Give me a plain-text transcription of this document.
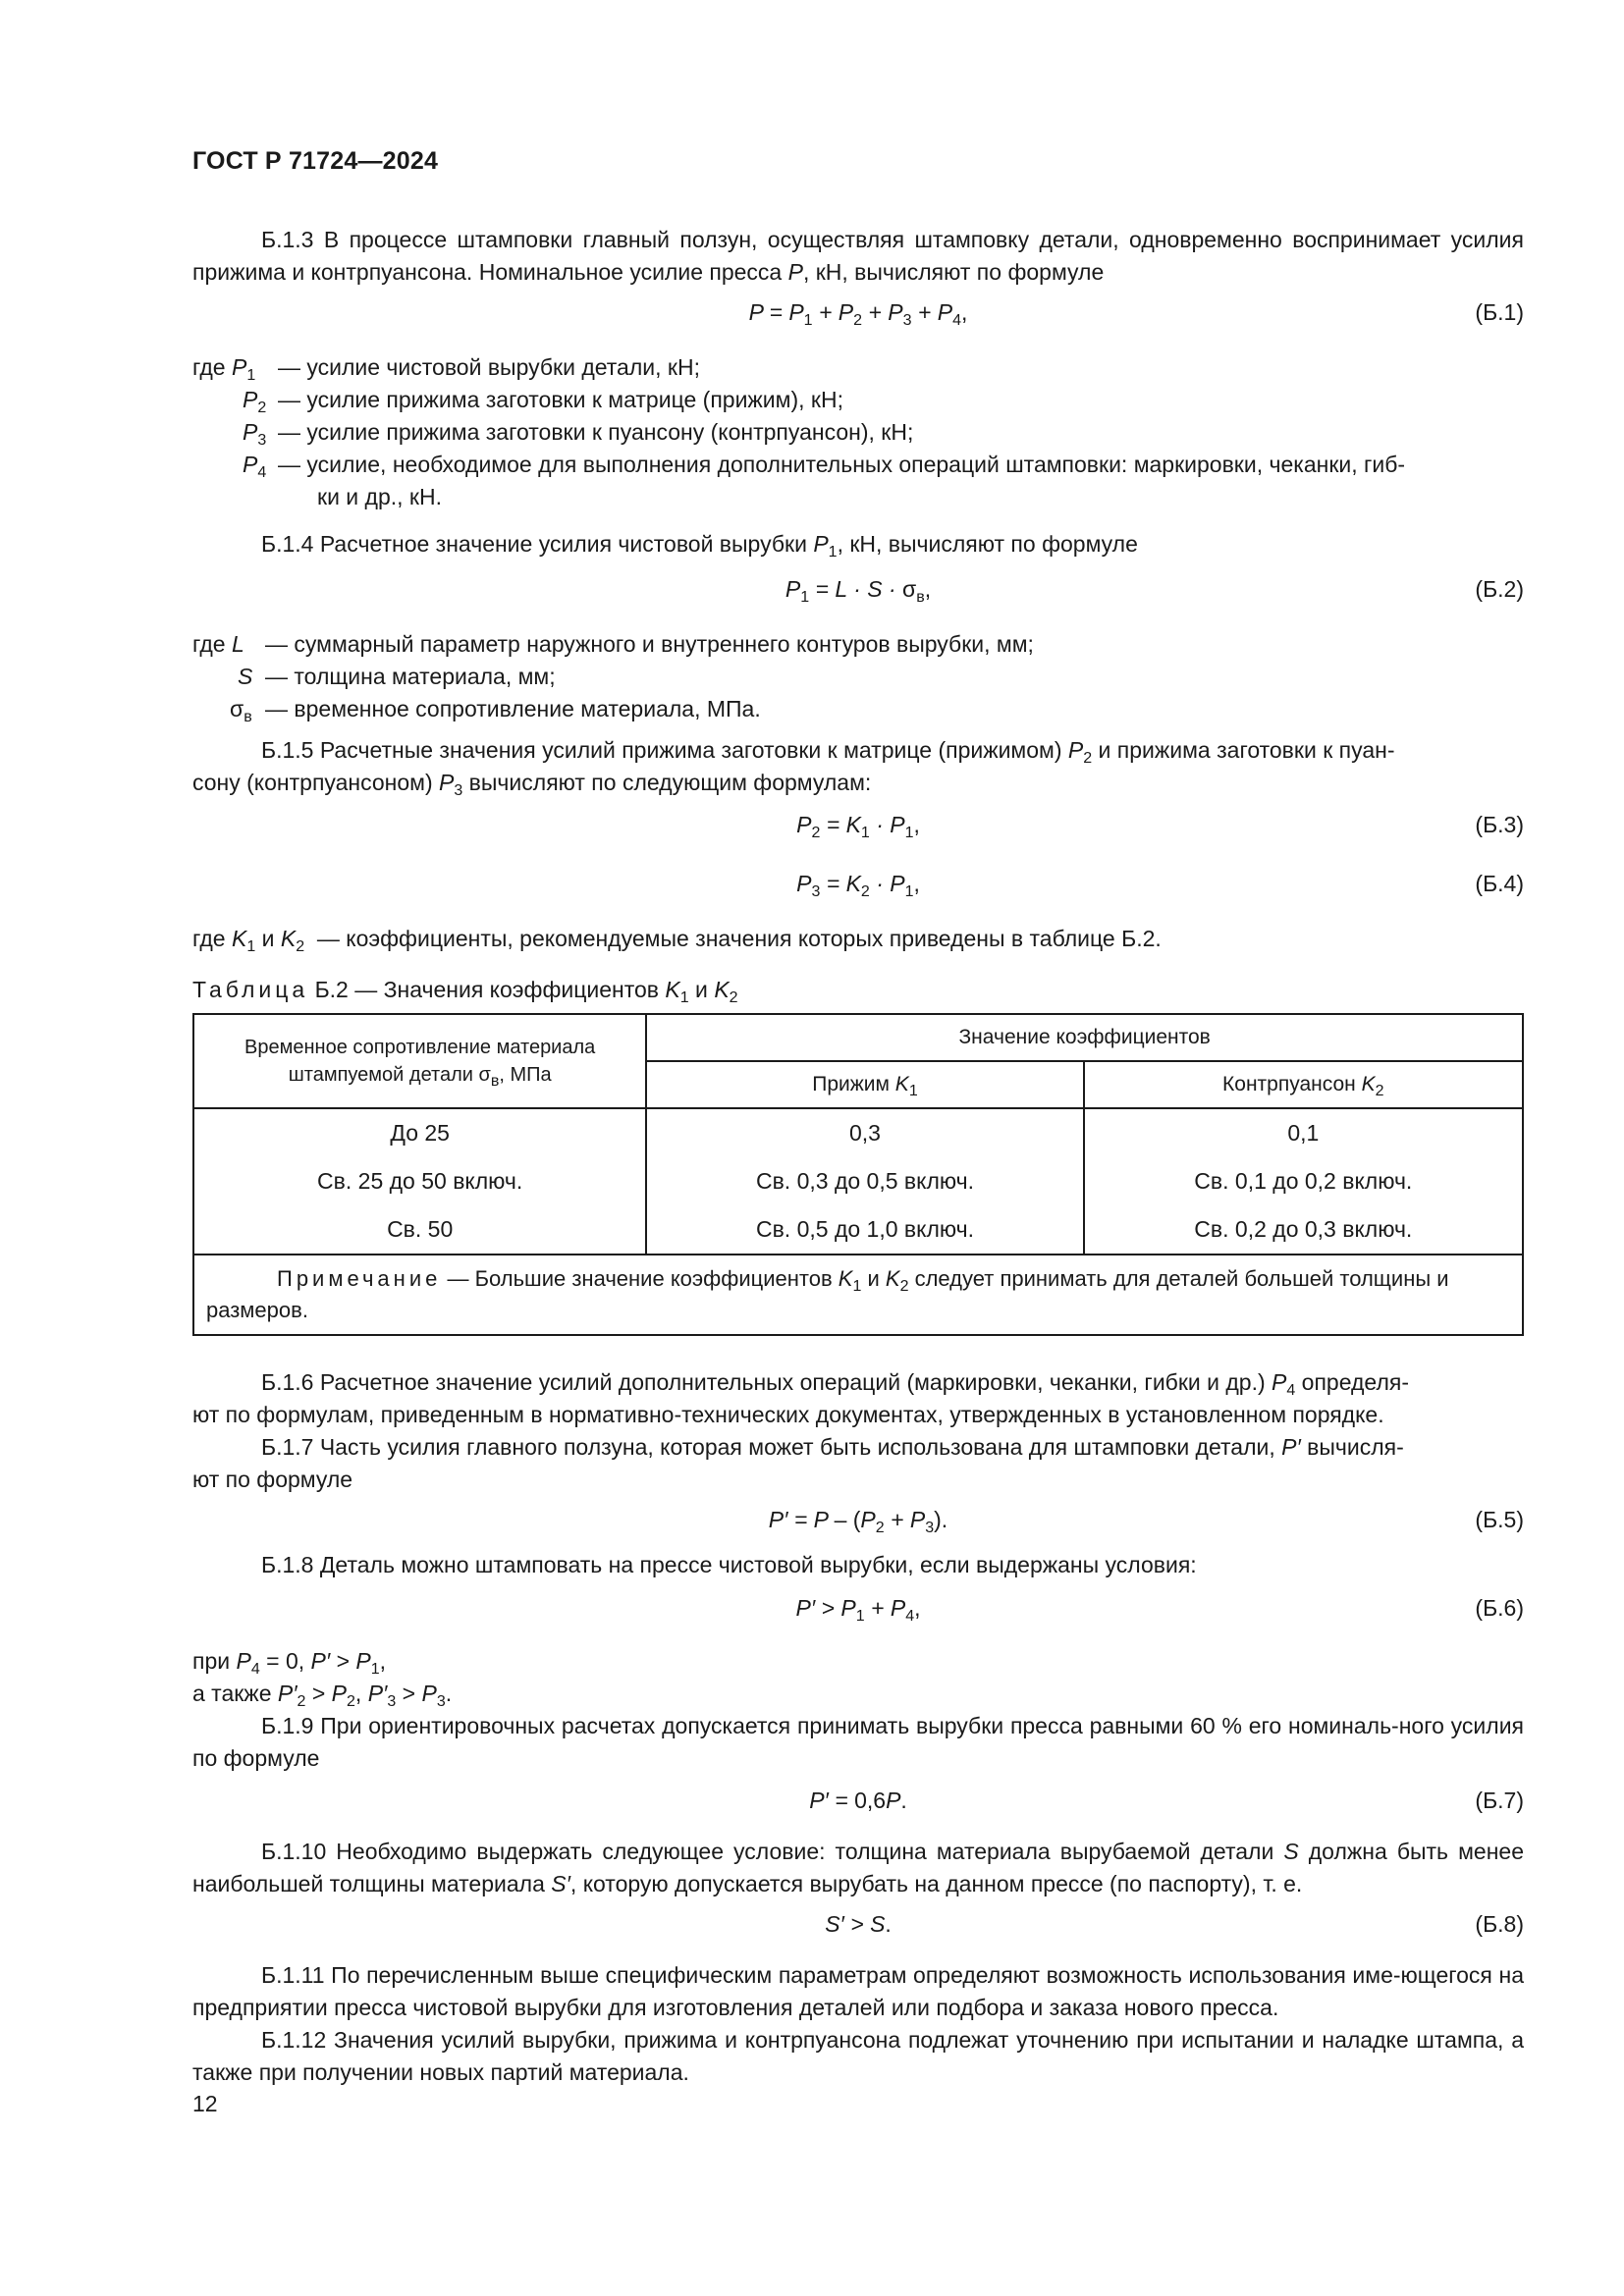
ГОСТ Р 71724—2024
Б.1.3 В процессе штамповки главный ползун, осуществляя штамповку детали, одновременно воспринимает усилия прижима и контрпуансона. Номинальное усилие пресса P, кН, вычисляют по формуле
$P = P_1 + P_2 + P_3 + P_4$,	(Б.1)
где $P_1$ — усилие чистовой вырубки детали, кН;
$P_2$ — усилие прижима заготовки к матрице (прижим), кН;
$P_3$ — усилие прижима заготовки к пуансону (контрпуансон), кН;
$P_4$ — усилие, необходимое для выполнения дополнительных операций штамповки: маркировки, чеканки, гиб-
ки и др., кН.
Б.1.4 Расчетное значение усилия чистовой вырубки $P_1$, кН, вычисляют по формуле
$P_1 = L \cdot S \cdot \sigma_в$,	(Б.2)
где L — суммарный параметр наружного и внутреннего контуров вырубки, мм;
S — толщина материала, мм;
$\sigma_в$ — временное сопротивление материала, МПа.
Б.1.5 Расчетные значения усилий прижима заготовки к матрице (прижимом) $P_2$ и прижима заготовки к пуан-
сону (контрпуансоном) $P_3$ вычисляют по следующим формулам:
$P_2 = K_1 \cdot P_1$,	(Б.3)
$P_3 = K_2 \cdot P_1$,	(Б.4)
где $K_1$ и $K_2$ — коэффициенты, рекомендуемые значения которых приведены в таблице Б.2.
Таблица Б.2 — Значения коэффициентов $K_1$ и $K_2$
Временное сопротивление материала
штампуемой детали $\sigma_в$, МПа	Значение коэффициентов	
	Прижим $K_1$	Контрпуансон $K_2$
До 25	0,3	0,1
Св. 25 до 50 включ.	Св. 0,3 до 0,5 включ.	Св. 0,1 до 0,2 включ.
Св. 50	Св. 0,5 до 1,0 включ.	Св. 0,2 до 0,3 включ.
Примечание — Большие значение коэффициентов $K_1$ и $K_2$ следует принимать для деталей большей толщины и размеров.		
Б.1.6 Расчетное значение усилий дополнительных операций (маркировки, чеканки, гибки и др.) $P_4$ определя-
ют по формулам, приведенным в нормативно-технических документах, утвержденных в установленном порядке.
Б.1.7 Часть усилия главного ползуна, которая может быть использована для штамповки детали, P′ вычисля-
ют по формуле
$P' = P - (P_2 + P_3)$.	(Б.5)
Б.1.8 Деталь можно штамповать на прессе чистовой вырубки, если выдержаны условия:
$P' > P_1 + P_4$,	(Б.6)
при $P_4 = 0$, $P' > P_1$,
а также $P'_2 > P_2$, $P'_3 > P_3$.
Б.1.9 При ориентировочных расчетах допускается принимать вырубки пресса равными 60 % его номиналь-ного усилия по формуле
P′ = 0,6P.	(Б.7)
Б.1.10 Необходимо выдержать следующее условие: толщина материала вырубаемой детали S должна быть менее наибольшей толщины материала S′, которую допускается вырубать на данном прессе (по паспорту), т. е.
S′ > S.	(Б.8)
Б.1.11 По перечисленным выше специфическим параметрам определяют возможность использования име-ющегося на предприятии пресса чистовой вырубки для изготовления деталей или подбора и заказа нового пресса.
Б.1.12 Значения усилий вырубки, прижима и контрпуансона подлежат уточнению при испытании и наладке штампа, а также при получении новых партий материала.
12
